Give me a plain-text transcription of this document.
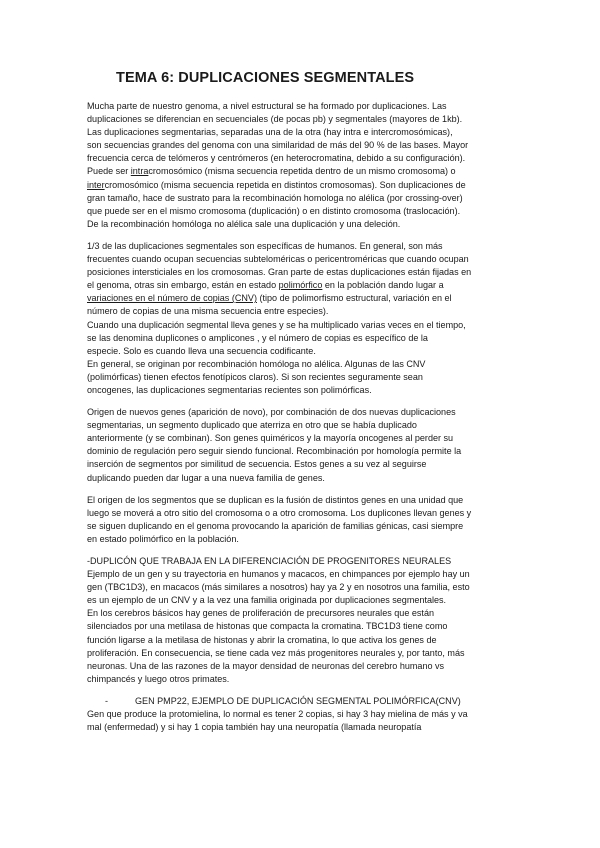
TEMA 6: DUPLICACIONES SEGMENTALES
Mucha parte de nuestro genoma, a nivel estructural se ha formado por duplicaciones. Las
duplicaciones se diferencian en secuenciales (de pocas pb) y segmentales (mayores de 1kb).
Las duplicaciones segmentarias, separadas una de la otra (hay intra e intercromosómicas),
son secuencias grandes del genoma con una similaridad de más del 90 % de las bases. Mayor
frecuencia cerca de telómeros y centrómeros (en heterocromatina, debido a su configuración).
Puede ser intracromosómico (misma secuencia repetida dentro de un mismo cromosoma) o
intercromosómico (misma secuencia repetida en distintos cromosomas). Son duplicaciones de
gran tamaño, hace de sustrato para la recombinación homologa no alélica (por crossing-over)
que puede ser en el mismo cromosoma (duplicación) o en distinto cromosoma (traslocación).
De la recombinación homóloga no alélica sale una duplicación y una deleción.
1/3 de las duplicaciones segmentales son específicas de humanos. En general, son más
frecuentes cuando ocupan secuencias subteloméricas o pericentroméricas que cuando ocupan
posiciones intersticiales en los cromosomas. Gran parte de estas duplicaciones están fijadas en
el genoma, otras sin embargo, están en estado polimórfico en la población dando lugar a
variaciones en el número de copias (CNV) (tipo de polimorfismo estructural, variación en el
número de copias de una misma secuencia entre especies).
Cuando una duplicación segmental lleva genes y se ha multiplicado varias veces en el tiempo,
se las denomina duplicones o amplicones , y el número de copias es específico de la
especie. Solo es cuando lleva una secuencia codificante.
En general, se originan por recombinación homóloga no alélica. Algunas de las CNV
(polimórficas) tienen efectos fenotípicos claros). Si son recientes seguramente sean
oncogenes, las duplicaciones segmentarias recientes son polimórficas.
Origen de nuevos genes (aparición de novo), por combinación de dos nuevas duplicaciones
segmentarias, un segmento duplicado que aterriza en otro que se había duplicado
anteriormente (y se combinan). Son genes quiméricos y la mayoría oncogenes al perder su
dominio de regulación pero seguir siendo funcional. Recombinación por homología permite la
inserción de segmentos por similitud de secuencia. Estos genes a su vez al seguirse
duplicando pueden dar lugar a una nueva familia de genes.
El origen de los segmentos que se duplican es la fusión de distintos genes en una unidad que
luego se moverá a otro sitio del cromosoma o a otro cromosoma. Los duplicones llevan genes y
se siguen duplicando en el genoma provocando la aparición de familias génicas, casi siempre
en estado polimórfico en la población.
-DUPLICÓN QUE TRABAJA EN LA DIFERENCIACIÓN DE PROGENITORES NEURALES
Ejemplo de un gen y su trayectoria en humanos y macacos, en chimpances por ejemplo hay un
gen (TBC1D3), en macacos (más similares a nosotros) hay ya 2 y en nosotros una familia, esto
es un ejemplo de un CNV y a la vez una familia originada por duplicaciones segmentales.
En los cerebros básicos hay genes de proliferación de precursores neurales que están
silenciados por una metilasa de histonas que compacta la cromatina. TBC1D3 tiene como
función ligarse a la metilasa de histonas y abrir la cromatina, lo que activa los genes de
proliferación. En consecuencia, se tiene cada vez más progenitores neurales y, por tanto, más
neuronas. Una de las razones de la mayor densidad de neuronas del cerebro humano vs
chimpancés y luego otros primates.
-	GEN PMP22, EJEMPLO DE DUPLICACIÓN SEGMENTAL POLIMÓRFICA(CNV)
Gen que produce la protomielina, lo normal es tener 2 copias, si hay 3 hay mielina de más y va
mal (enfermedad) y si hay 1 copia también hay una neuropatía (llamada neuropatía
